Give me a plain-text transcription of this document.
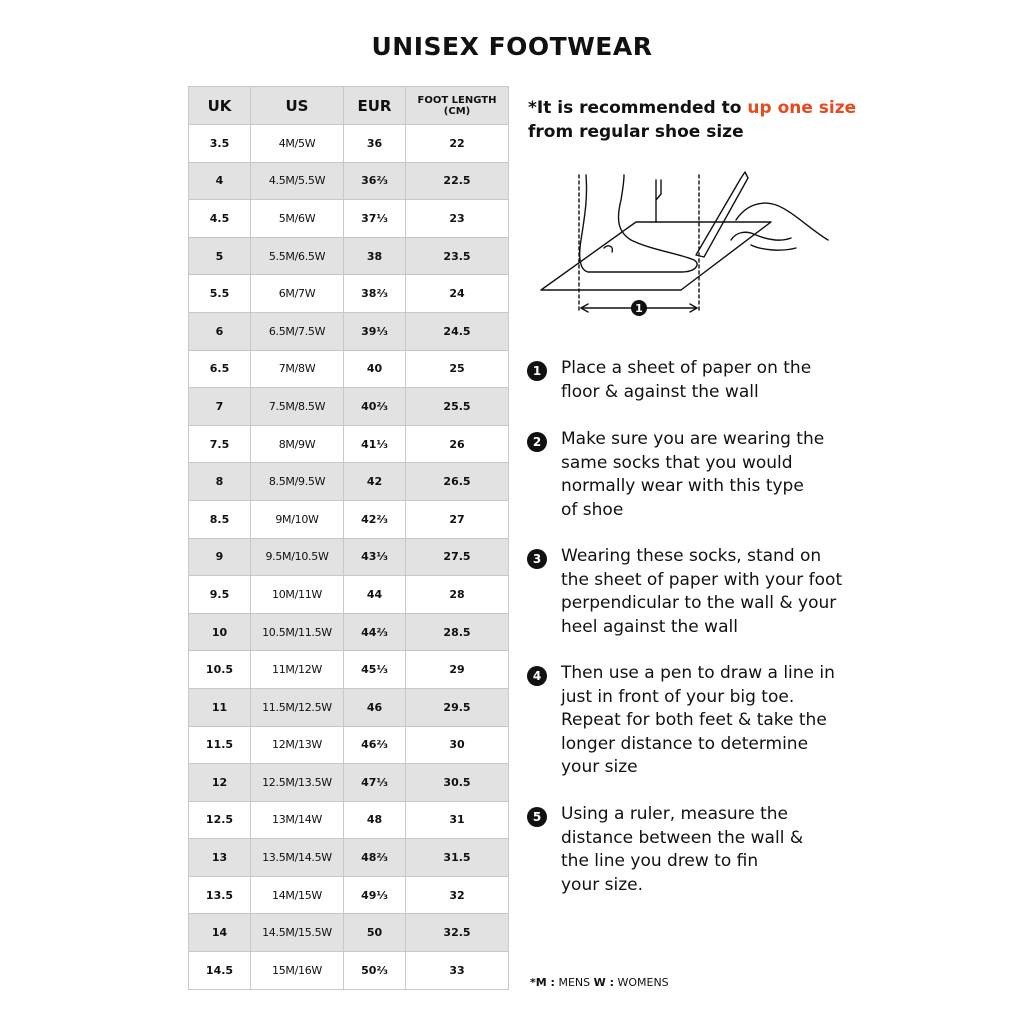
UNISEX FOOTWEAR
UK	US	EUR	FOOT LENGTH (CM)
3.5	4M/5W	36	22
4	4.5M/5.5W	36⅔	22.5
4.5	5M/6W	37⅓	23
5	5.5M/6.5W	38	23.5
5.5	6M/7W	38⅔	24
6	6.5M/7.5W	39⅓	24.5
6.5	7M/8W	40	25
7	7.5M/8.5W	40⅔	25.5
7.5	8M/9W	41⅓	26
8	8.5M/9.5W	42	26.5
8.5	9M/10W	42⅔	27
9	9.5M/10.5W	43⅓	27.5
9.5	10M/11W	44	28
10	10.5M/11.5W	44⅔	28.5
10.5	11M/12W	45⅓	29
11	11.5M/12.5W	46	29.5
11.5	12M/13W	46⅔	30
12	12.5M/13.5W	47⅓	30.5
12.5	13M/14W	48	31
13	13.5M/14.5W	48⅔	31.5
13.5	14M/15W	49⅓	32
14	14.5M/15.5W	50	32.5
14.5	15M/16W	50⅔	33
*It is recommended to up one size
from regular shoe size
1
1	Place a sheet of paper on the
floor & against the wall
2	Make sure you are wearing the
same socks that you would
normally wear with this type
of shoe
3	Wearing these socks, stand on
the sheet of paper with your foot
perpendicular to the wall & your
heel against the wall
4	Then use a pen to draw a line in
just in front of your big toe.
Repeat for both feet & take the
longer distance to determine
your size
5	Using a ruler, measure the
distance between the wall &
the line you drew to fin
your size.
*M : MENS W : WOMENS
